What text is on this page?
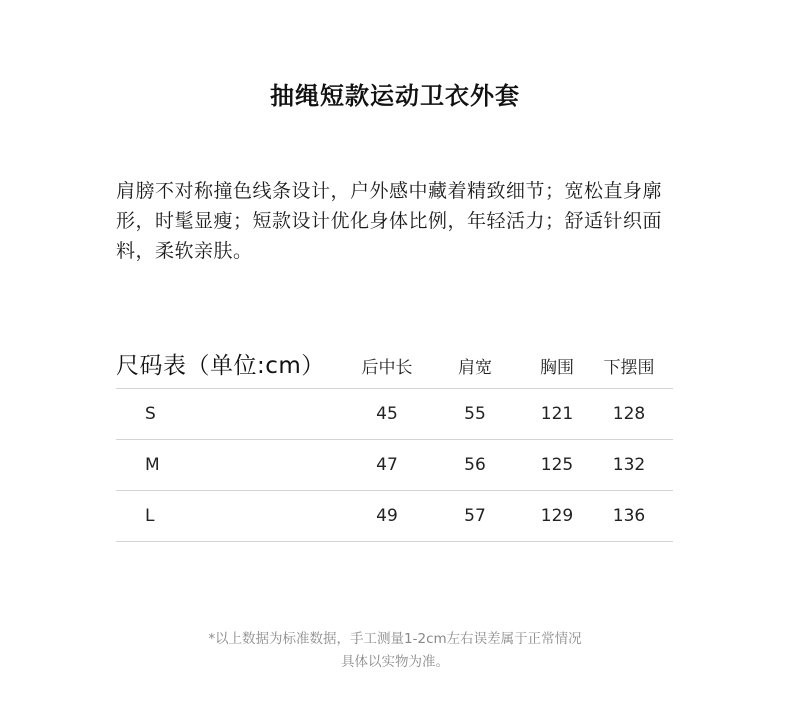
抽绳短款运动卫衣外套

肩膀不对称撞色线条设计，户外感中藏着精致细节；宽松直身廓形，时髦显瘦；短款设计优化身体比例，年轻活力；舒适针织面料，柔软亲肤。

尺码表（单位:cm）	后中长	肩宽	胸围	下摆围
S	45	55	121	128
M	47	56	125	132
L	49	57	129	136
*以上数据为标准数据，手工测量1-2cm左右误差属于正常情况
具体以实物为准。
